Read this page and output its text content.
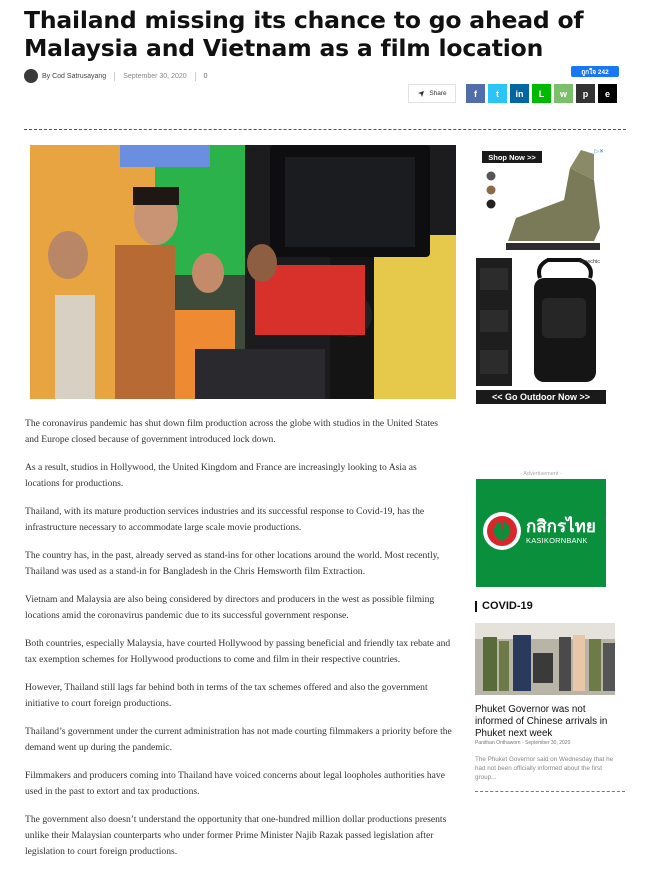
Thailand missing its chance to go ahead of Malaysia and Vietnam as a film location
By Cod Satrusayang September 30, 2020 0
ถูกใจ 242
Share	f	t	in	L	w	p	e

The coronavirus pandemic has shut down film production across the globe with studios in the United States and Europe closed because of government introduced lock down.

As a result, studios in Hollywood, the United Kingdom and France are increasingly looking to Asia as locations for productions.

Thailand, with its mature production services industries and its successful response to Covid-19, has the infrastructure necessary to accommodate large scale movie productions.

The country has, in the past, already served as stand-ins for other locations around the world. Most recently, Thailand was used as a stand-in for Bangladesh in the Chris Hemsworth film Extraction.

Vietnam and Malaysia are also being considered by directors and producers in the west as possible filming locations amid the coronavirus pandemic due to its successful government response.

Both countries, especially Malaysia, have courted Hollywood by passing beneficial and friendly tax rebate and tax exemption schemes for Hollywood productions to come and film in their respective countries.

However, Thailand still lags far behind both in terms of the tax schemes offered and also the government initiative to court foreign productions.

Thailand’s government under the current administration has not made courting filmmakers a priority before the demand went up during the pandemic.

Filmmakers and producers coming into Thailand have voiced concerns about legal loopholes authorities have used in the past to extort and tax productions.

The government also doesn’t understand the opportunity that one-hundred million dollar productions presents unlike their Malaysian counterparts who under former Prime Minister Najib Razak passed legislation after legislation to court foreign productions.

Shop Now >>
▷✕
Newchic
<< Go Outdoor Now >>
- Advertisement -
กสิกรไทย
KASIKORNBANK
COVID-19
Phuket Governor was not informed of Chinese arrivals in Phuket next week
Panithan Onthaworn - September 30, 2020
The Phuket Governor said on Wednesday that he had not been officially informed about the first group...
